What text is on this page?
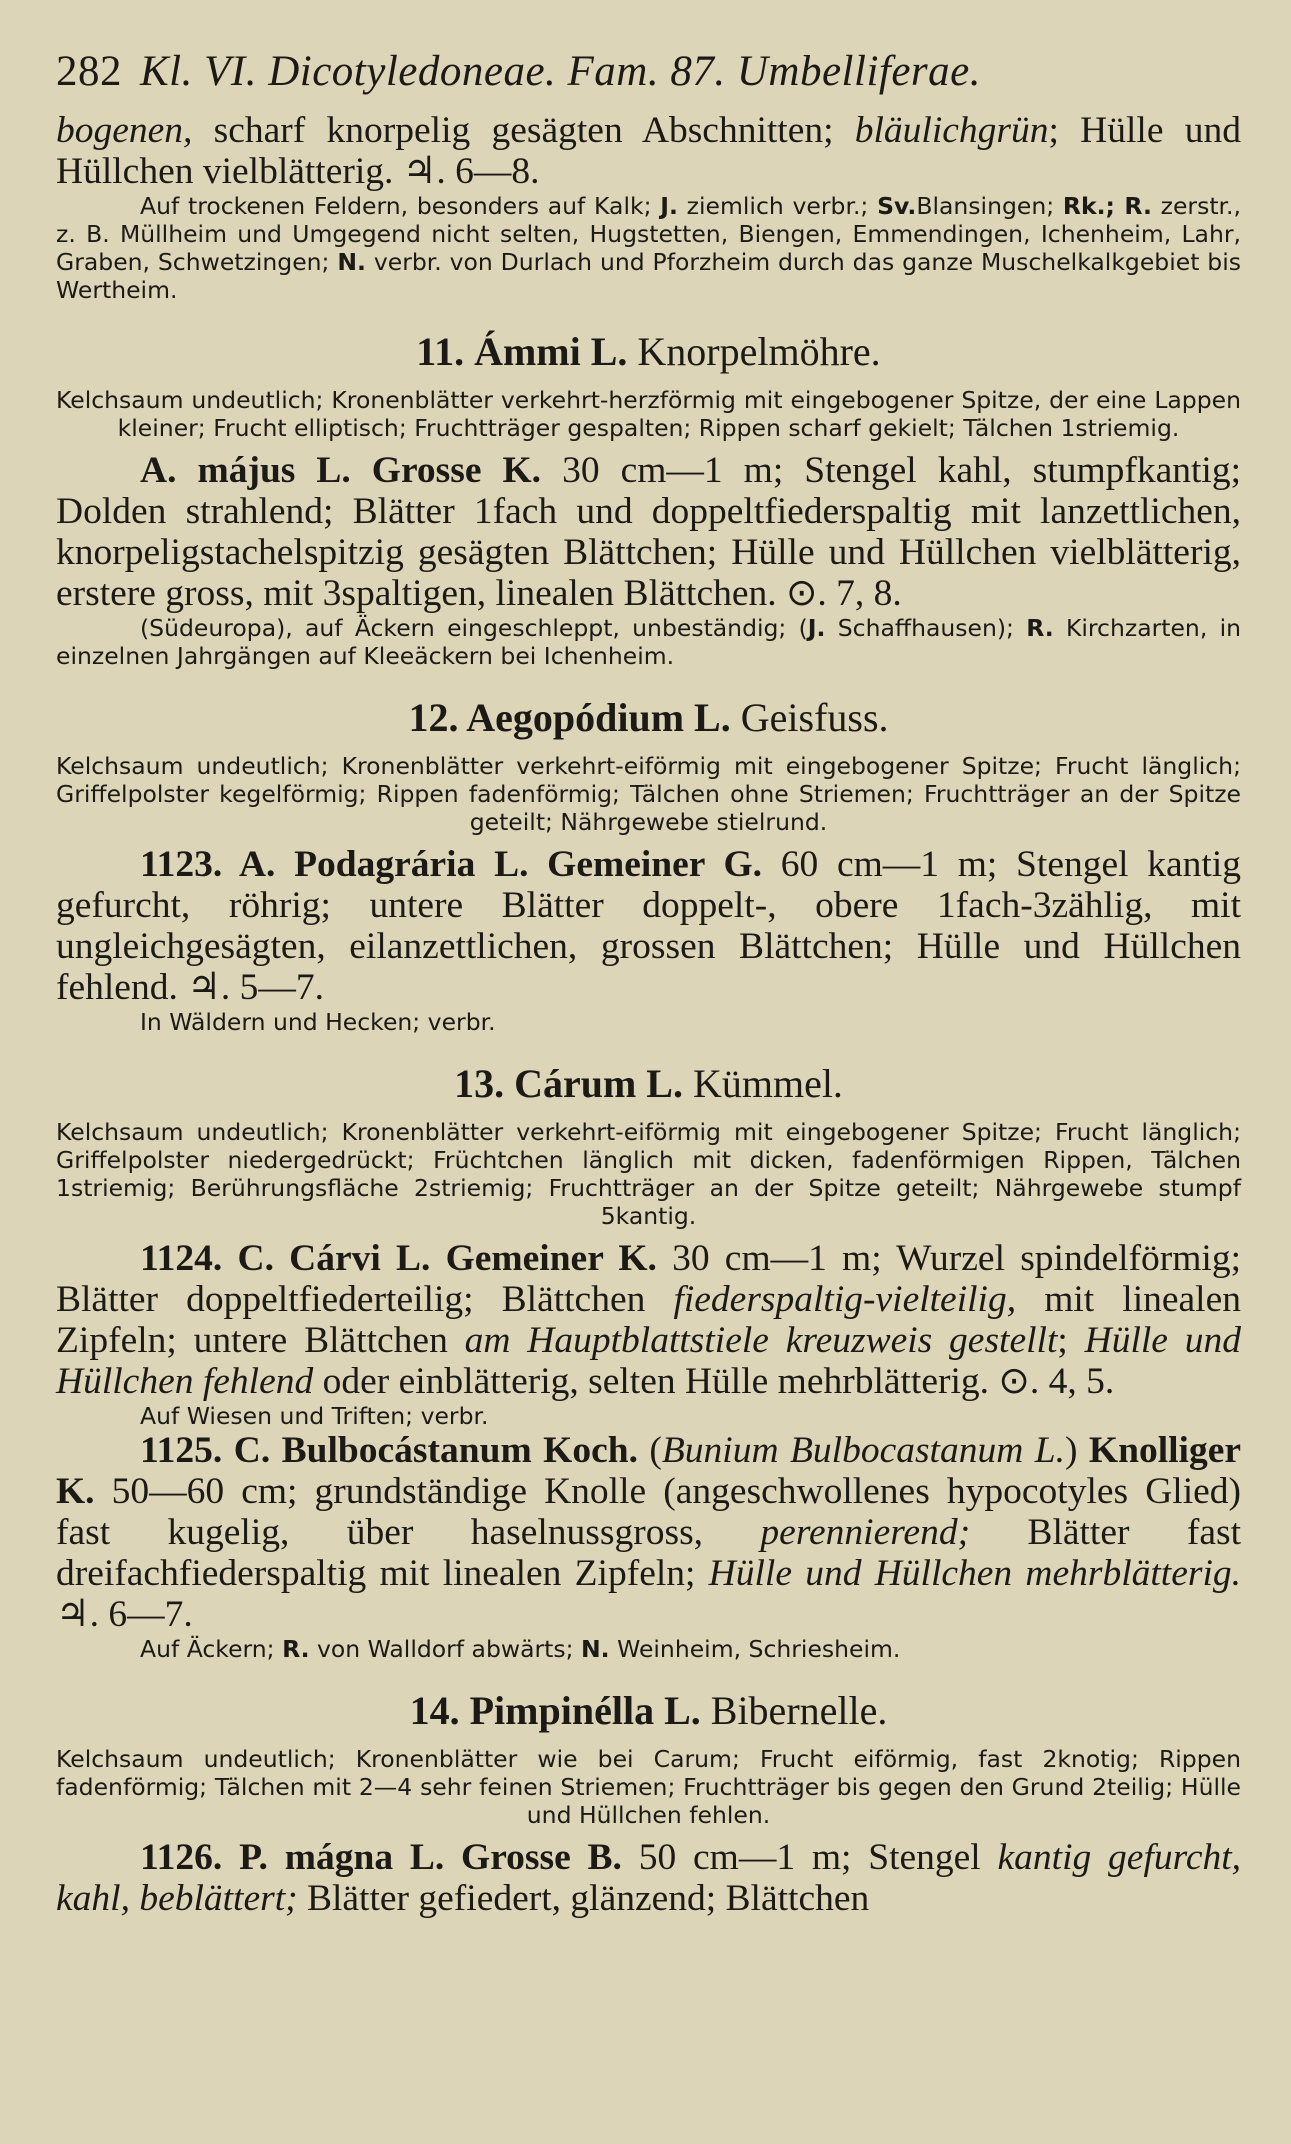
282 Kl. VI. Dicotyledoneae. Fam. 87. Umbelliferae.
bogenen, scharf knorpelig gesägten Abschnitten; bläulichgrün; Hülle und Hüllchen vielblätterig. ♃. 6—8.
Auf trockenen Feldern, besonders auf Kalk; J. ziemlich verbr.; Sv.Blansingen; Rk.; R. zerstr., z. B. Müllheim und Umgegend nicht selten, Hugstetten, Biengen, Emmendingen, Ichenheim, Lahr, Graben, Schwetzingen; N. verbr. von Durlach und Pforzheim durch das ganze Muschelkalkgebiet bis Wertheim.
11. Ámmi L. Knorpelmöhre.
Kelchsaum undeutlich; Kronenblätter verkehrt-herzförmig mit eingebogener Spitze, der eine Lappen kleiner; Frucht elliptisch; Fruchtträger gespalten; Rippen scharf gekielt; Tälchen 1striemig.
A. május L. Grosse K. 30 cm—1 m; Stengel kahl, stumpfkantig; Dolden strahlend; Blätter 1fach und doppeltfiederspaltig mit lanzettlichen, knorpeligstachelspitzig gesägten Blättchen; Hülle und Hüllchen vielblätterig, erstere gross, mit 3spaltigen, linealen Blättchen. ⊙. 7, 8.
(Südeuropa), auf Äckern eingeschleppt, unbeständig; (J. Schaffhausen); R. Kirchzarten, in einzelnen Jahrgängen auf Kleeäckern bei Ichenheim.
12. Aegopódium L. Geisfuss.
Kelchsaum undeutlich; Kronenblätter verkehrt-eiförmig mit eingebogener Spitze; Frucht länglich; Griffelpolster kegelförmig; Rippen fadenförmig; Tälchen ohne Striemen; Fruchtträger an der Spitze geteilt; Nährgewebe stielrund.
1123. A. Podagrária L. Gemeiner G. 60 cm—1 m; Stengel kantig gefurcht, röhrig; untere Blätter doppelt-, obere 1fach-3zählig, mit ungleichgesägten, eilanzettlichen, grossen Blättchen; Hülle und Hüllchen fehlend. ♃. 5—7.
In Wäldern und Hecken; verbr.
13. Cárum L. Kümmel.
Kelchsaum undeutlich; Kronenblätter verkehrt-eiförmig mit eingebogener Spitze; Frucht länglich; Griffelpolster niedergedrückt; Früchtchen länglich mit dicken, fadenförmigen Rippen, Tälchen 1striemig; Berührungsfläche 2striemig; Fruchtträger an der Spitze geteilt; Nährgewebe stumpf 5kantig.
1124. C. Cárvi L. Gemeiner K. 30 cm—1 m; Wurzel spindelförmig; Blätter doppeltfiederteilig; Blättchen fiederspaltig-vielteilig, mit linealen Zipfeln; untere Blättchen am Hauptblattstiele kreuzweis gestellt; Hülle und Hüllchen fehlend oder einblätterig, selten Hülle mehrblätterig. ⊙. 4, 5.
Auf Wiesen und Triften; verbr.
1125. C. Bulbocástanum Koch. (Bunium Bulbocastanum L.) Knolliger K. 50—60 cm; grundständige Knolle (angeschwollenes hypocotyles Glied) fast kugelig, über haselnussgross, perennierend; Blätter fast dreifachfiederspaltig mit linealen Zipfeln; Hülle und Hüllchen mehrblätterig. ♃. 6—7.
Auf Äckern; R. von Walldorf abwärts; N. Weinheim, Schriesheim.
14. Pimpinélla L. Bibernelle.
Kelchsaum undeutlich; Kronenblätter wie bei Carum; Frucht eiförmig, fast 2knotig; Rippen fadenförmig; Tälchen mit 2—4 sehr feinen Striemen; Fruchtträger bis gegen den Grund 2teilig; Hülle und Hüllchen fehlen.
1126. P. mágna L. Grosse B. 50 cm—1 m; Stengel kantig gefurcht, kahl, beblättert; Blätter gefiedert, glänzend; Blättchen
